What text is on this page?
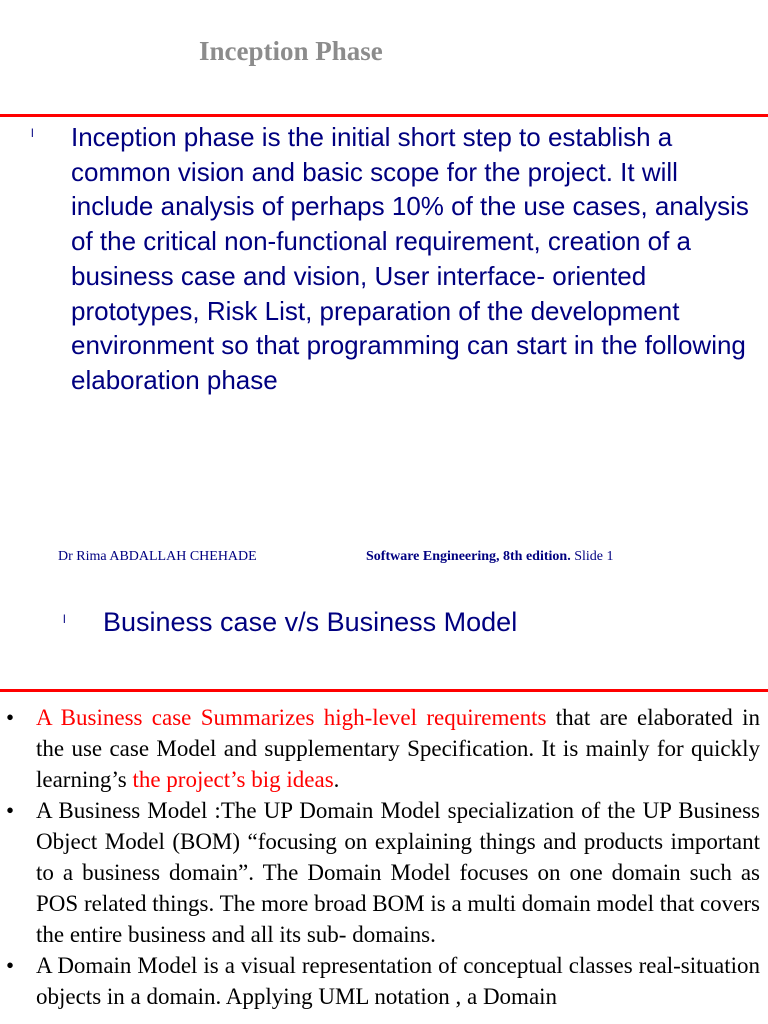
Inception Phase
l Inception phase is the initial short step to establish a common vision and basic scope for the project. It will include analysis of perhaps 10% of the use cases, analysis of the critical non-functional requirement, creation of a business case and vision, User interface- oriented prototypes, Risk List, preparation of the development environment so that programming can start in the following elaboration phase

Dr Rima ABDALLAH CHEHADE	Software Engineering, 8th edition. Slide 1
l Business case v/s Business Model
• A Business case Summarizes high-level requirements that are elaborated in the use case Model and supplementary Specification. It is mainly for quickly learning’s the project’s big ideas.
• A Business Model :The UP Domain Model specialization of the UP Business Object Model (BOM) “focusing on explaining things and products important to a business domain”. The Domain Model focuses on one domain such as POS related things. The more broad BOM is a multi domain model that covers the entire business and all its sub- domains.
• A Domain Model is a visual representation of conceptual classes real-situation objects in a domain. Applying UML notation , a Domain
